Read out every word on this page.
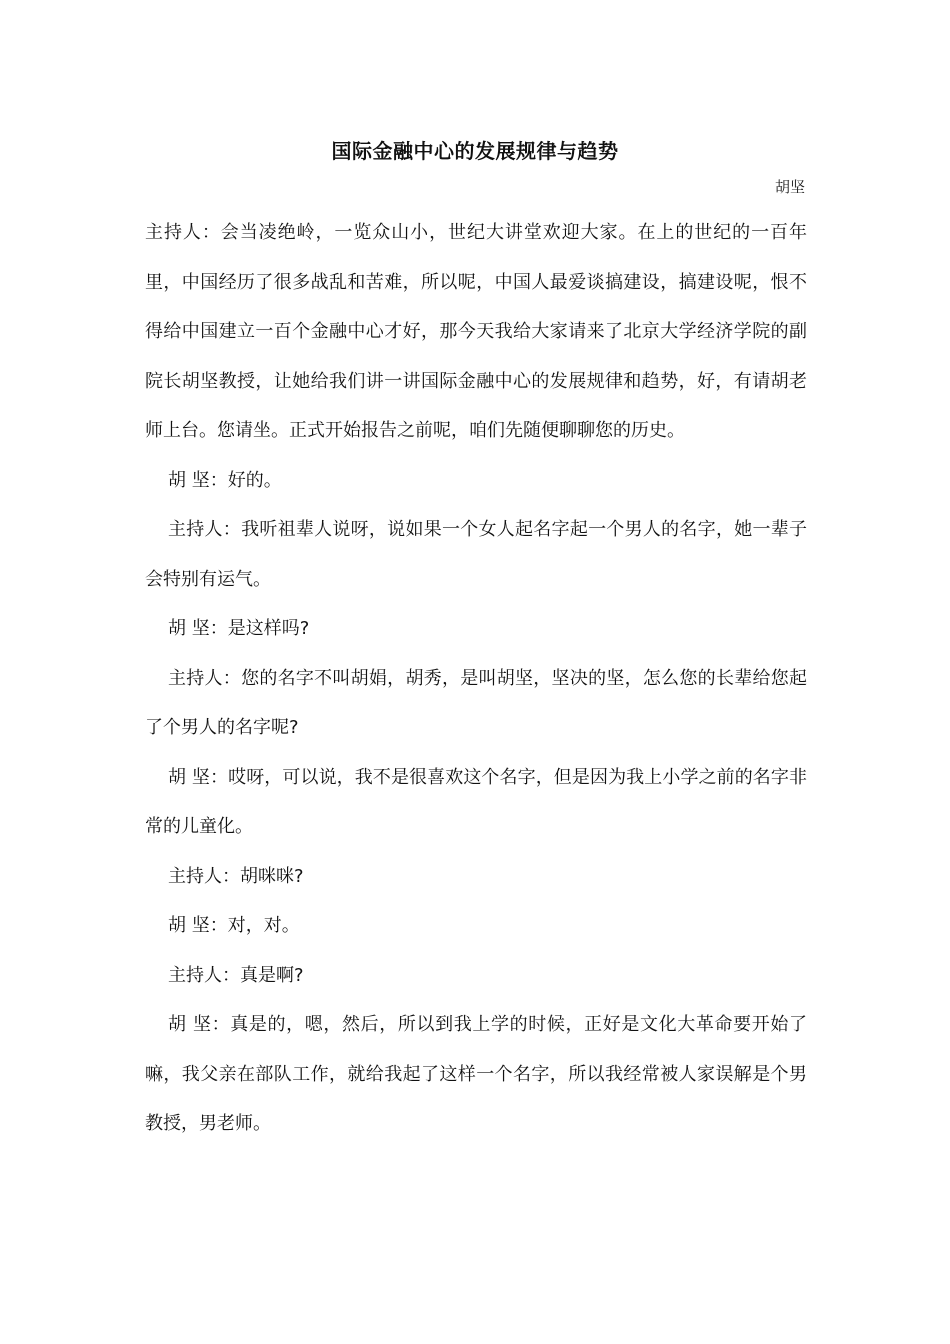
国际金融中心的发展规律与趋势
胡坚

主持人：会当凌绝岭，一览众山小，世纪大讲堂欢迎大家。在上的世纪的一百年里，中国经历了很多战乱和苦难，所以呢，中国人最爱谈搞建设，搞建设呢，恨不得给中国建立一百个金融中心才好，那今天我给大家请来了北京大学经济学院的副院长胡坚教授，让她给我们讲一讲国际金融中心的发展规律和趋势，好，有请胡老师上台。您请坐。正式开始报告之前呢，咱们先随便聊聊您的历史。

胡 坚：好的。

主持人：我听祖辈人说呀，说如果一个女人起名字起一个男人的名字，她一辈子会特别有运气。

胡 坚：是这样吗?

主持人：您的名字不叫胡娟，胡秀，是叫胡坚，坚决的坚，怎么您的长辈给您起了个男人的名字呢?

胡 坚：哎呀，可以说，我不是很喜欢这个名字，但是因为我上小学之前的名字非常的儿童化。

主持人：胡咪咪?

胡 坚：对，对。

主持人：真是啊?

胡 坚：真是的，嗯，然后，所以到我上学的时候，正好是文化大革命要开始了嘛，我父亲在部队工作，就给我起了这样一个名字，所以我经常被人家误解是个男教授，男老师。
